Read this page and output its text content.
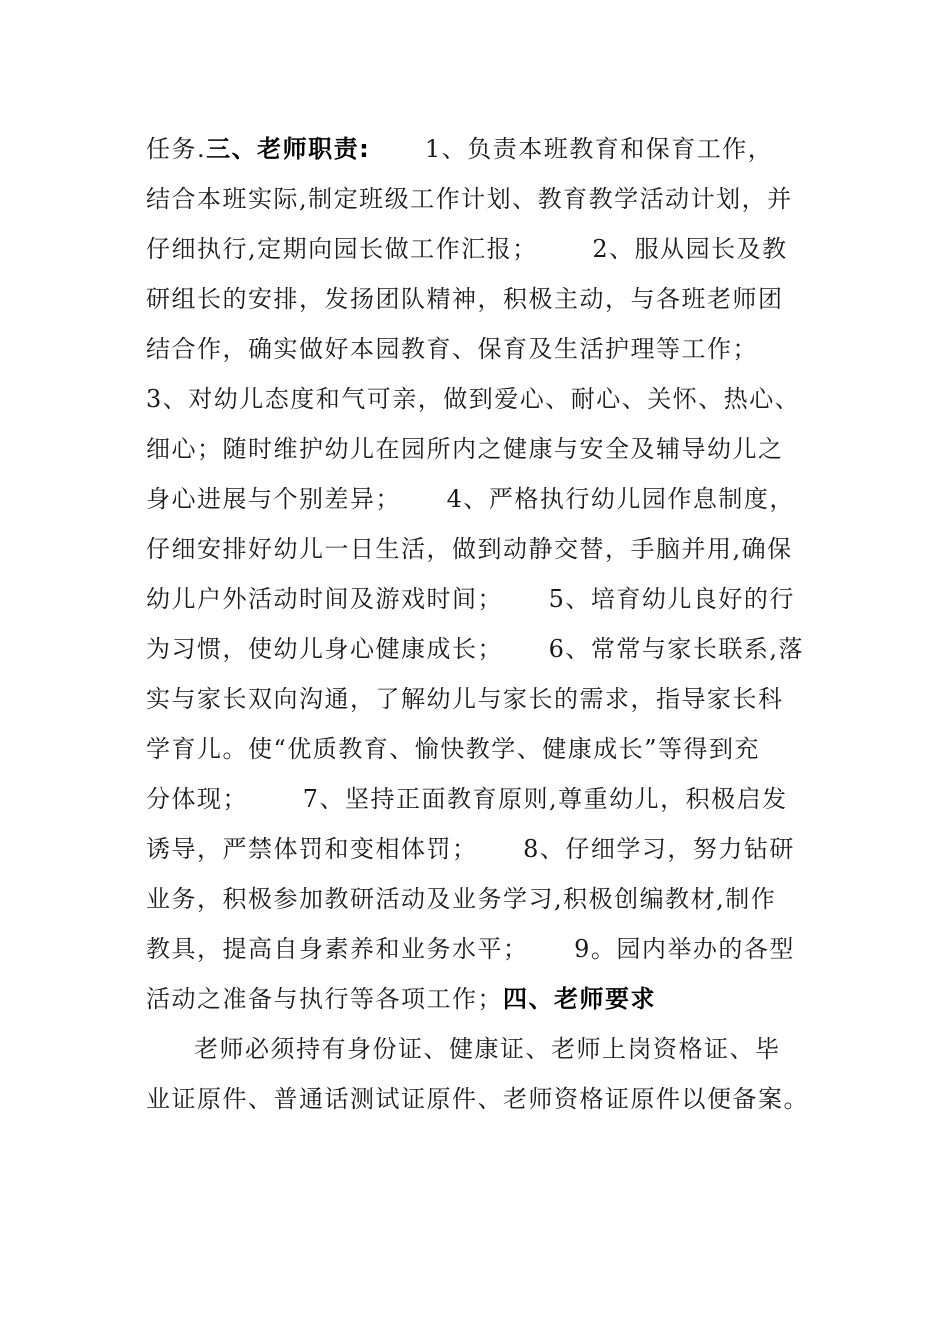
任务.三、老师职责:      1、负责本班教育和保育工作，
结合本班实际,制定班级工作计划、教育教学活动计划，并
仔细执行,定期向园长做工作汇报；      2、服从园长及教
研组长的安排，发扬团队精神，积极主动，与各班老师团
结合作，确实做好本园教育、保育及生活护理等工作；
3、对幼儿态度和气可亲，做到爱心、耐心、关怀、热心、
细心；随时维护幼儿在园所内之健康与安全及辅导幼儿之
身心进展与个别差异；     4、严格执行幼儿园作息制度，
仔细安排好幼儿一日生活，做到动静交替，手脑并用,确保
幼儿户外活动时间及游戏时间；     5、培育幼儿良好的行
为习惯，使幼儿身心健康成长；     6、常常与家长联系,落
实与家长双向沟通，了解幼儿与家长的需求，指导家长科
学育儿。使“优质教育、愉快教学、健康成长”等得到充
分体现；      7、坚持正面教育原则,尊重幼儿，积极启发
诱导，严禁体罚和变相体罚；     8、仔细学习，努力钻研
业务，积极参加教研活动及业务学习,积极创编教材,制作
教具，提高自身素养和业务水平；     9。园内举办的各型
活动之准备与执行等各项工作；四、老师要求
老师必须持有身份证、健康证、老师上岗资格证、毕
业证原件、普通话测试证原件、老师资格证原件以便备案。
